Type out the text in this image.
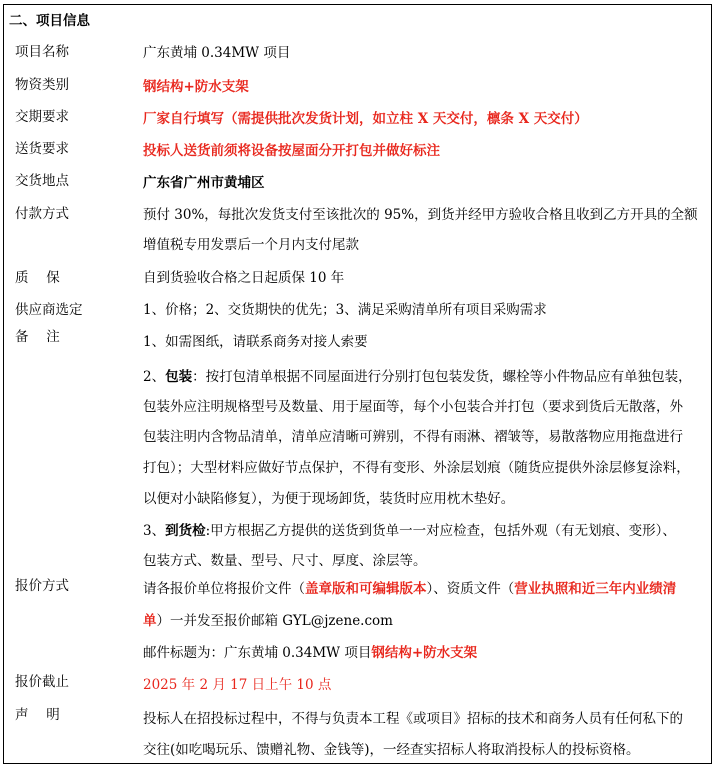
二、项目信息
项目名称	广东黄埔 0.34MW 项目
物资类别	钢结构+防水支架
交期要求	厂家自行填写（需提供批次发货计划，如立柱 X 天交付，檩条 X 天交付）
送货要求	投标人送货前须将设备按屋面分开打包并做好标注
交货地点	广东省广州市黄埔区
付款方式	预付 30%，每批次发货支付至该批次的 95%，到货并经甲方验收合格且收到乙方开具的全额
增值税专用发票后一个月内支付尾款
质　 保	自到货验收合格之日起质保 10 年
供应商选定	1、价格；2、交货期快的优先；3、满足采购清单所有项目采购需求
备　 注	1、如需图纸，请联系商务对接人索要
2、包装：按打包清单根据不同屋面进行分别打包包装发货，螺栓等小件物品应有单独包装，
包装外应注明规格型号及数量、用于屋面等，每个小包装合并打包（要求到货后无散落，外
包装注明内含物品清单，清单应清晰可辨别，不得有雨淋、褶皱等，易散落物应用拖盘进行
打包）；大型材料应做好节点保护，不得有变形、外涂层划痕（随货应提供外涂层修复涂料，
以便对小缺陷修复），为便于现场卸货，装货时应用枕木垫好。
3、到货检:甲方根据乙方提供的送货到货单一一对应检查，包括外观（有无划痕、变形）、
包装方式、数量、型号、尺寸、厚度、涂层等。
报价方式	请各报价单位将报价文件（盖章版和可编辑版本）、资质文件（营业执照和近三年内业绩清
单）一并发至报价邮箱 GYL@jzene.com
邮件标题为：广东黄埔 0.34MW 项目钢结构+防水支架
报价截止	2025 年 2 月 17 日上午 10 点
声　 明	投标人在招投标过程中，不得与负责本工程《或项目》招标的技术和商务人员有任何私下的
交往(如吃喝玩乐、馈赠礼物、金钱等)，一经查实招标人将取消投标人的投标资格。
